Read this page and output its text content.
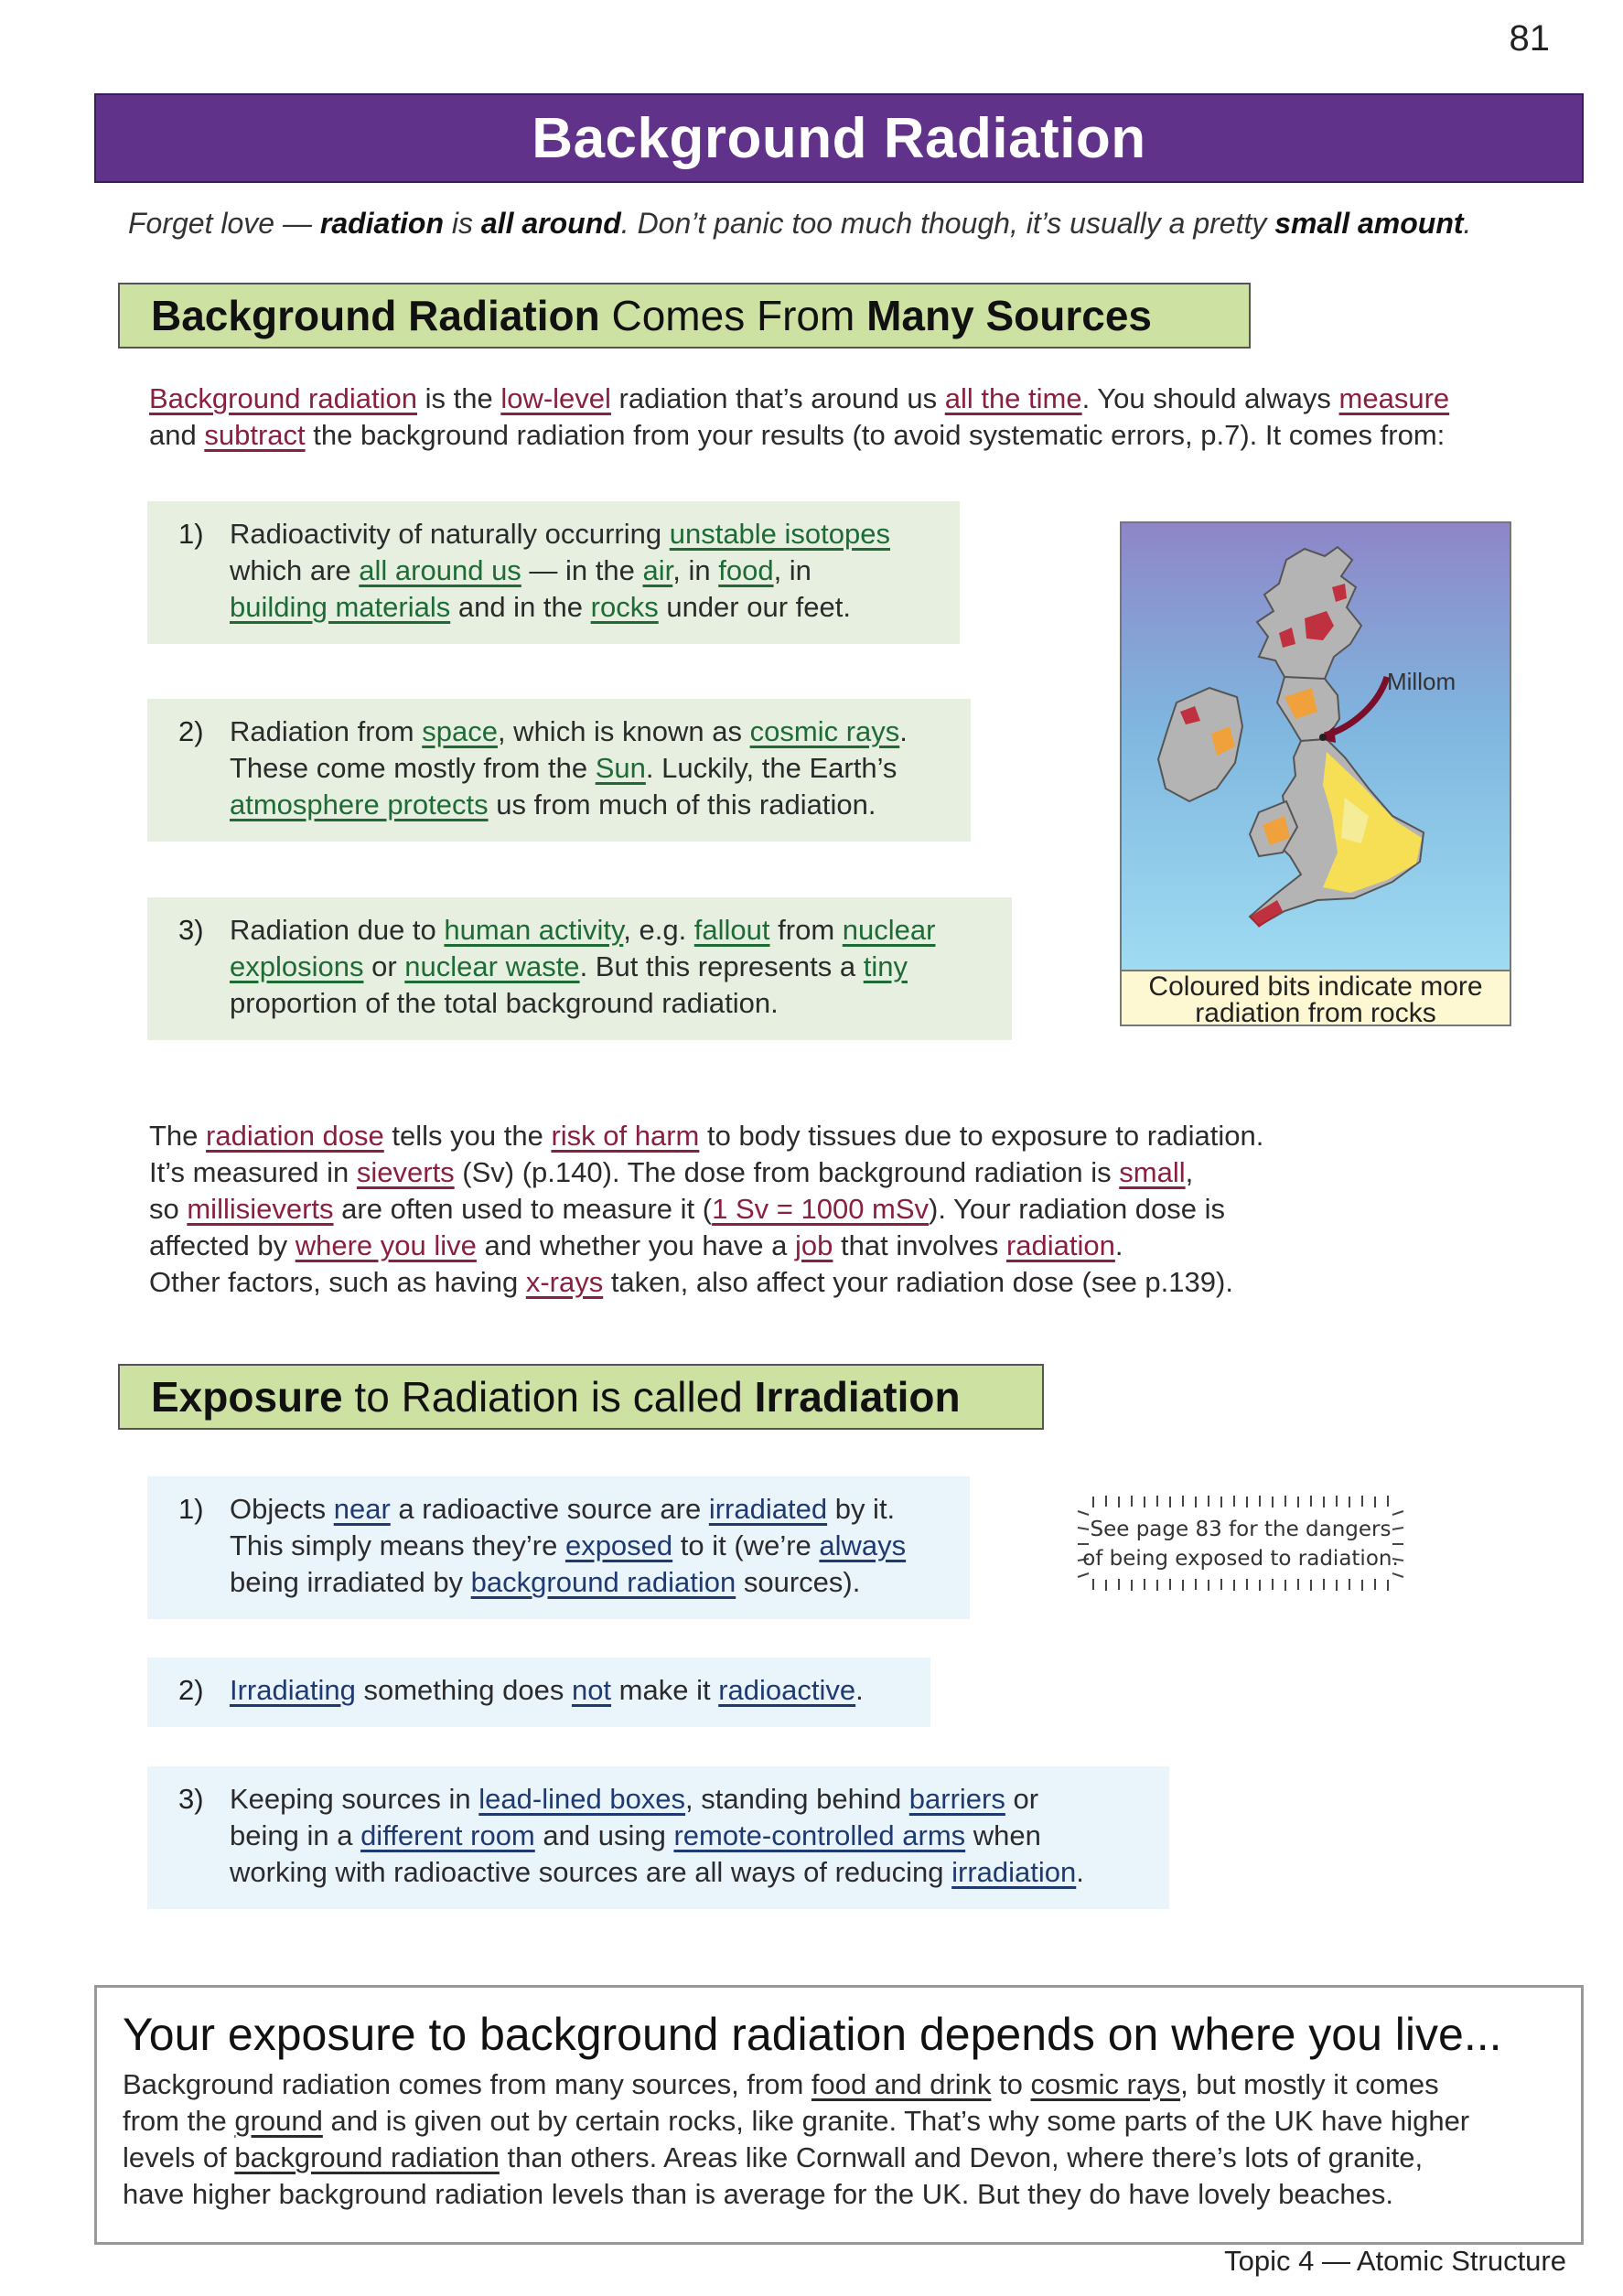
81
Background Radiation
Forget love — radiation is all around. Don’t panic too much though, it’s usually a pretty small amount.
Background Radiation Comes From Many Sources
Background radiation is the low-level radiation that’s around us all the time. You should always measure
and subtract the background radiation from your results (to avoid systematic errors, p.7). It comes from:
1) Radioactivity of naturally occurring unstable isotopes
which are all around us — in the air, in food, in
building materials and in the rocks under our feet.
2) Radiation from space, which is known as cosmic rays.
These come mostly from the Sun. Luckily, the Earth’s
atmosphere protects us from much of this radiation.
3) Radiation due to human activity, e.g. fallout from nuclear
explosions or nuclear waste. But this represents a tiny
proportion of the total background radiation.
Millom
Coloured bits indicate more
radiation from rocks
The radiation dose tells you the risk of harm to body tissues due to exposure to radiation.
It’s measured in sieverts (Sv) (p.140). The dose from background radiation is small,
so millisieverts are often used to measure it (1 Sv = 1000 mSv). Your radiation dose is
affected by where you live and whether you have a job that involves radiation.
Other factors, such as having x-rays taken, also affect your radiation dose (see p.139).
Exposure to Radiation is called Irradiation
1) Objects near a radioactive source are irradiated by it.
This simply means they’re exposed to it (we’re always
being irradiated by background radiation sources).
See page 83 for the dangers
of being exposed to radiation.
2) Irradiating something does not make it radioactive.
3) Keeping sources in lead-lined boxes, standing behind barriers or
being in a different room and using remote-controlled arms when
working with radioactive sources are all ways of reducing irradiation.
Your exposure to background radiation depends on where you live...

Background radiation comes from many sources, from food and drink to cosmic rays, but mostly it comes
from the ground and is given out by certain rocks, like granite. That’s why some parts of the UK have higher
levels of background radiation than others. Areas like Cornwall and Devon, where there’s lots of granite,
have higher background radiation levels than is average for the UK. But they do have lovely beaches.

Topic 4 — Atomic Structure
